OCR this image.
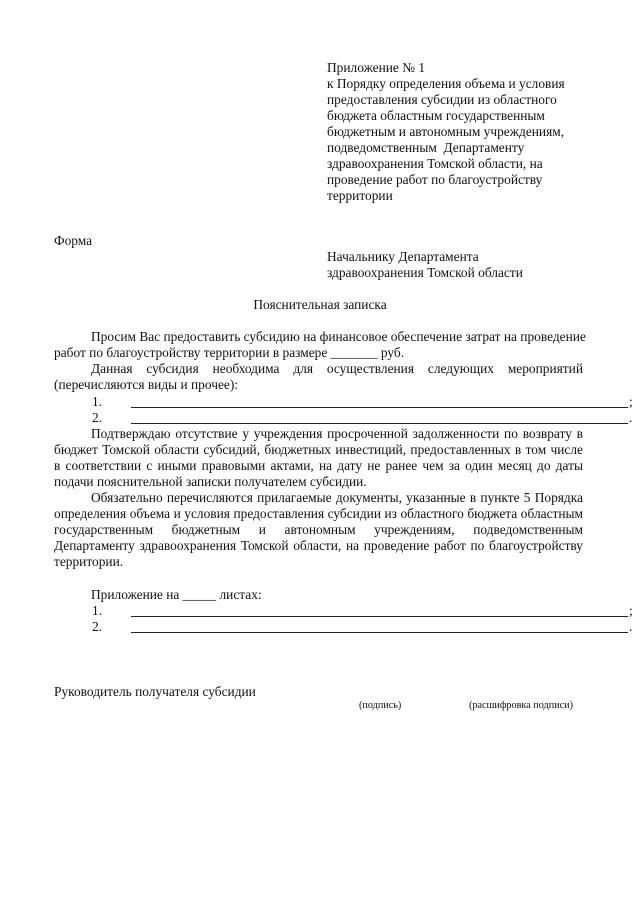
Приложение № 1
к Порядку определения объема и условия
предоставления субсидии из областного
бюджета областным государственным
бюджетным и автономным учреждениям,
подведомственным  Департаменту
здравоохранения Томской области, на
проведение работ по благоустройству
территории
Форма
Начальнику Департамента
здравоохранения Томской области
Пояснительная записка
Просим Вас предоставить субсидию на финансовое обеспечение затрат на проведение
работ по благоустройству территории в размере _______ руб.
Данная субсидия необходима для осуществления следующих мероприятий
(перечисляются виды и прочее):
1.	;
2.	.
Подтверждаю отсутствие у учреждения просроченной задолженности по возврату в
бюджет Томской области субсидий, бюджетных инвестиций, предоставленных в том числе
в соответствии с иными правовыми актами, на дату не ранее чем за один месяц до даты
подачи пояснительной записки получателем субсидии.
Обязательно перечисляются прилагаемые документы, указанные в пункте 5 Порядка
определения объема и условия предоставления субсидии из областного бюджета областным
государственным бюджетным и автономным учреждениям, подведомственным
Департаменту здравоохранения Томской области, на проведение работ по благоустройству
территории.
Приложение на _____ листах:
1.	;
2.	.
Руководитель получателя субсидии
(подпись)	(расшифровка подписи)
